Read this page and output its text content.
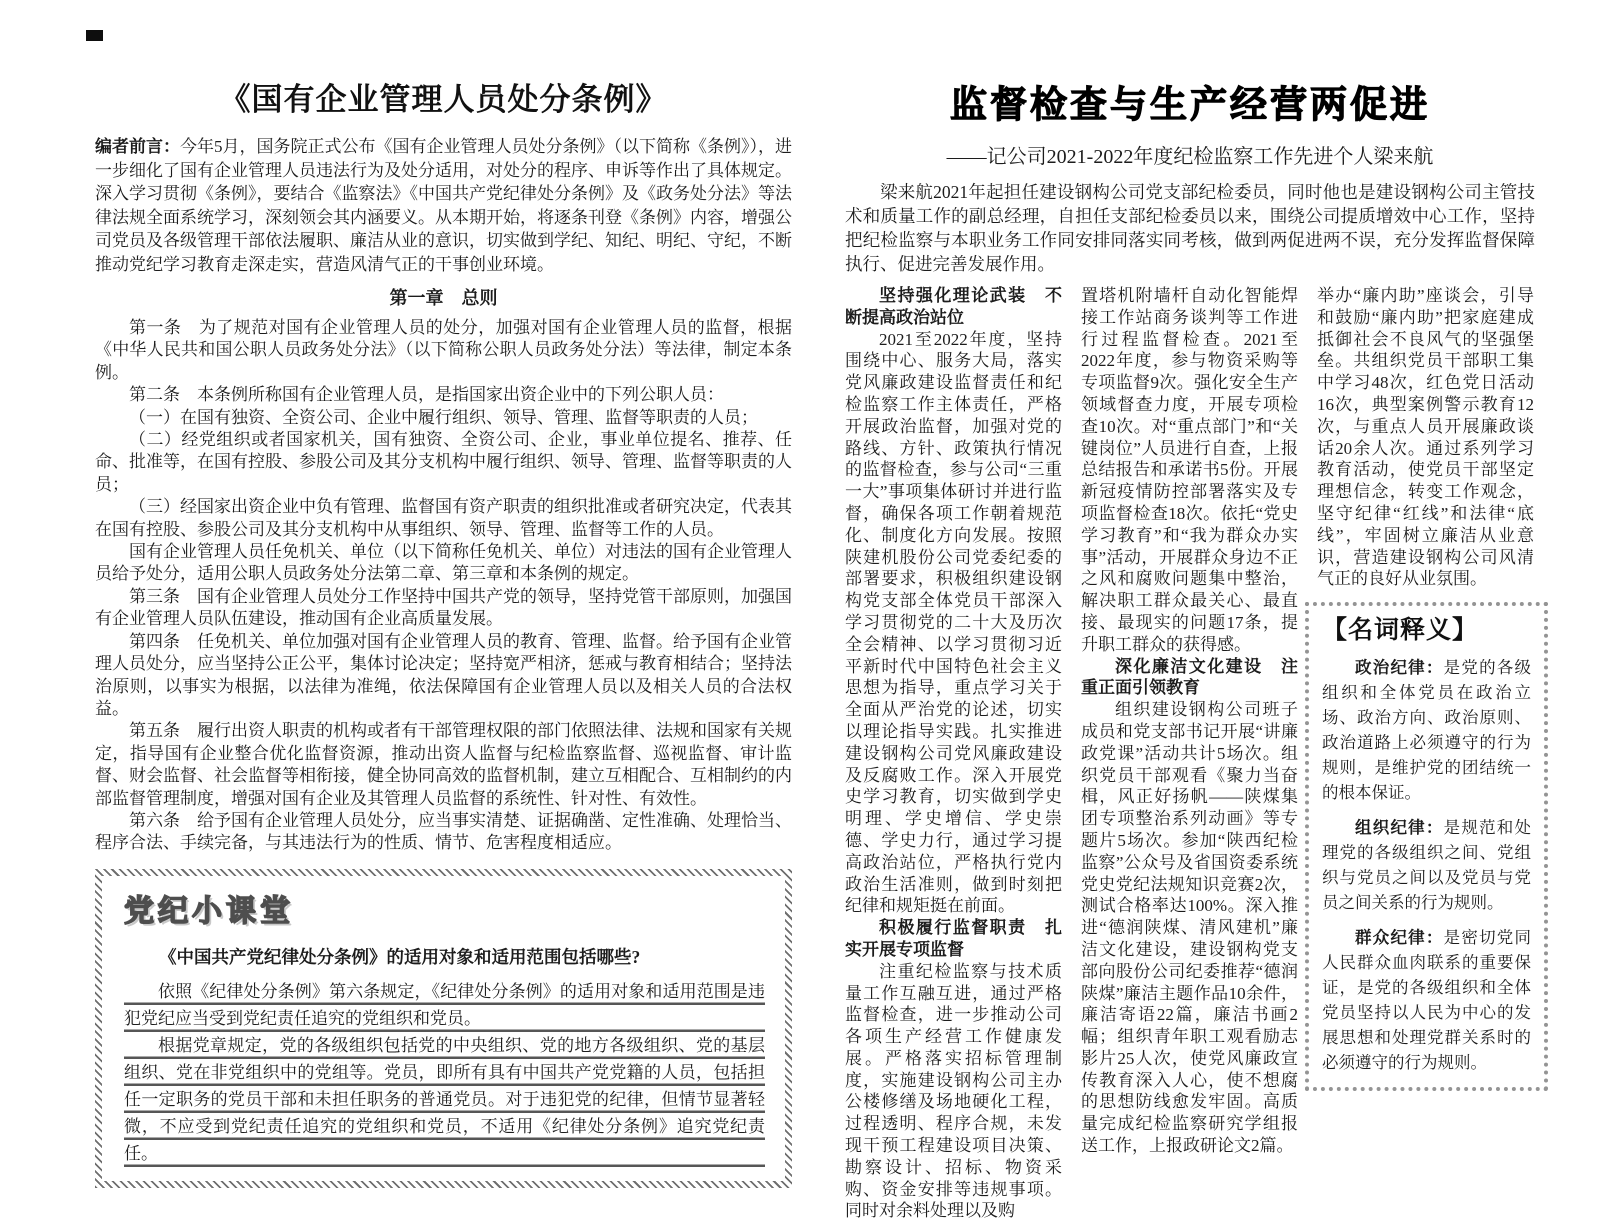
《国有企业管理人员处分条例》

编者前言：今年5月，国务院正式公布《国有企业管理人员处分条例》（以下简称《条例》），进一步细化了国有企业管理人员违法行为及处分适用，对处分的程序、申诉等作出了具体规定。深入学习贯彻《条例》，要结合《监察法》《中国共产党纪律处分条例》及《政务处分法》等法律法规全面系统学习，深刻领会其内涵要义。从本期开始，将逐条刊登《条例》内容，增强公司党员及各级管理干部依法履职、廉洁从业的意识，切实做到学纪、知纪、明纪、守纪，不断推动党纪学习教育走深走实，营造风清气正的干事创业环境。

第一章　总则

第一条　为了规范对国有企业管理人员的处分，加强对国有企业管理人员的监督，根据《中华人民共和国公职人员政务处分法》（以下简称公职人员政务处分法）等法律，制定本条例。

第二条　本条例所称国有企业管理人员，是指国家出资企业中的下列公职人员：

（一）在国有独资、全资公司、企业中履行组织、领导、管理、监督等职责的人员；

（二）经党组织或者国家机关，国有独资、全资公司、企业，事业单位提名、推荐、任命、批准等，在国有控股、参股公司及其分支机构中履行组织、领导、管理、监督等职责的人员；

（三）经国家出资企业中负有管理、监督国有资产职责的组织批准或者研究决定，代表其在国有控股、参股公司及其分支机构中从事组织、领导、管理、监督等工作的人员。

国有企业管理人员任免机关、单位（以下简称任免机关、单位）对违法的国有企业管理人员给予处分，适用公职人员政务处分法第二章、第三章和本条例的规定。

第三条　国有企业管理人员处分工作坚持中国共产党的领导，坚持党管干部原则，加强国有企业管理人员队伍建设，推动国有企业高质量发展。

第四条　任免机关、单位加强对国有企业管理人员的教育、管理、监督。给予国有企业管理人员处分，应当坚持公正公平，集体讨论决定；坚持宽严相济，惩戒与教育相结合；坚持法治原则，以事实为根据，以法律为准绳，依法保障国有企业管理人员以及相关人员的合法权益。

第五条　履行出资人职责的机构或者有干部管理权限的部门依照法律、法规和国家有关规定，指导国有企业整合优化监督资源，推动出资人监督与纪检监察监督、巡视监督、审计监督、财会监督、社会监督等相衔接，健全协同高效的监督机制，建立互相配合、互相制约的内部监督管理制度，增强对国有企业及其管理人员监督的系统性、针对性、有效性。

第六条　给予国有企业管理人员处分，应当事实清楚、证据确凿、定性准确、处理恰当、程序合法、手续完备，与其违法行为的性质、情节、危害程度相适应。

党纪小课堂

《中国共产党纪律处分条例》的适用对象和适用范围包括哪些?

依照《纪律处分条例》第六条规定，《纪律处分条例》的适用对象和适用范围是违犯党纪应当受到党纪责任追究的党组织和党员。

根据党章规定，党的各级组织包括党的中央组织、党的地方各级组织、党的基层组织、党在非党组织中的党组等。党员，即所有具有中国共产党党籍的人员，包括担任一定职务的党员干部和未担任职务的普通党员。对于违犯党的纪律，但情节显著轻微，不应受到党纪责任追究的党组织和党员，不适用《纪律处分条例》追究党纪责任。

监督检查与生产经营两促进
——记公司2021-2022年度纪检监察工作先进个人梁来航

梁来航2021年起担任建设钢构公司党支部纪检委员，同时他也是建设钢构公司主管技术和质量工作的副总经理，自担任支部纪检委员以来，围绕公司提质增效中心工作，坚持把纪检监察与本职业务工作同安排同落实同考核，做到两促进两不误，充分发挥监督保障执行、促进完善发展作用。

坚持强化理论武装　不断提高政治站位

2021至2022年度，坚持围绕中心、服务大局，落实党风廉政建设监督责任和纪检监察工作主体责任，严格开展政治监督，加强对党的路线、方针、政策执行情况的监督检查，参与公司“三重一大”事项集体研讨并进行监督，确保各项工作朝着规范化、制度化方向发展。按照陕建机股份公司党委纪委的部署要求，积极组织建设钢构党支部全体党员干部深入学习贯彻党的二十大及历次全会精神、以学习贯彻习近平新时代中国特色社会主义思想为指导，重点学习关于全面从严治党的论述，切实以理论指导实践。扎实推进建设钢构公司党风廉政建设及反腐败工作。深入开展党史学习教育，切实做到学史明理、学史增信、学史崇德、学史力行，通过学习提高政治站位，严格执行党内政治生活准则，做到时刻把纪律和规矩挺在前面。

积极履行监督职责　扎实开展专项监督

注重纪检监察与技术质量工作互融互进，通过严格监督检查，进一步推动公司各项生产经营工作健康发展。严格落实招标管理制度，实施建设钢构公司主办公楼修缮及场地硬化工程，过程透明、程序合规，未发现干预工程建设项目决策、勘察设计、招标、物资采购、资金安排等违规事项。同时对余料处理以及购

置塔机附墙杆自动化智能焊接工作站商务谈判等工作进行过程监督检查。2021至2022年度，参与物资采购等专项监督9次。强化安全生产领域督查力度，开展专项检查10次。对“重点部门”和“关键岗位”人员进行自查，上报总结报告和承诺书5份。开展新冠疫情防控部署落实及专项监督检查18次。依托“党史学习教育”和“我为群众办实事”活动，开展群众身边不正之风和腐败问题集中整治，解决职工群众最关心、最直接、最现实的问题17条，提升职工群众的获得感。

深化廉洁文化建设　注重正面引领教育

组织建设钢构公司班子成员和党支部书记开展“讲廉政党课”活动共计5场次。组织党员干部观看《聚力当奋楫，风正好扬帆——陕煤集团专项整治系列动画》等专题片5场次。参加“陕西纪检监察”公众号及省国资委系统党史党纪法规知识竞赛2次，测试合格率达100%。深入推进“德润陕煤、清风建机”廉洁文化建设，建设钢构党支部向股份公司纪委推荐“德润陕煤”廉洁主题作品10余件，廉洁寄语22篇，廉洁书画2幅；组织青年职工观看励志影片25人次，使党风廉政宣传教育深入人心，使不想腐的思想防线愈发牢固。高质量完成纪检监察研究学组报送工作，上报政研论文2篇。

举办“廉内助”座谈会，引导和鼓励“廉内助”把家庭建成抵御社会不良风气的坚强堡垒。共组织党员干部职工集中学习48次，红色党日活动16次，典型案例警示教育12次，与重点人员开展廉政谈话20余人次。通过系列学习教育活动，使党员干部坚定理想信念，转变工作观念，坚守纪律“红线”和法律“底线”，牢固树立廉洁从业意识，营造建设钢构公司风清气正的良好从业氛围。

【名词释义】

政治纪律：是党的各级组织和全体党员在政治立场、政治方向、政治原则、政治道路上必须遵守的行为规则，是维护党的团结统一的根本保证。

组织纪律：是规范和处理党的各级组织之间、党组织与党员之间以及党员与党员之间关系的行为规则。

群众纪律：是密切党同人民群众血肉联系的重要保证，是党的各级组织和全体党员坚持以人民为中心的发展思想和处理党群关系时的必须遵守的行为规则。
